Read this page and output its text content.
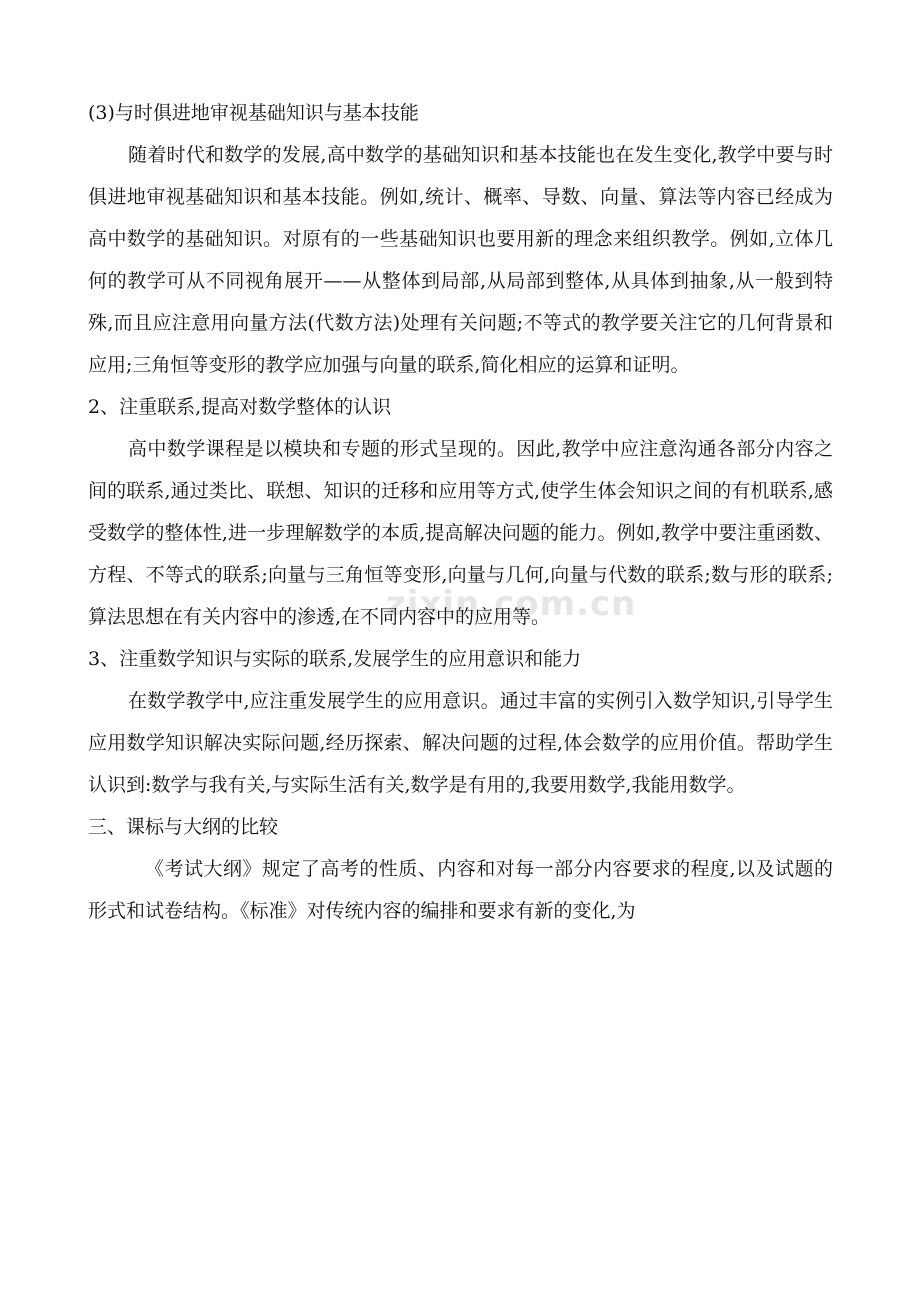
zixin.com.cn

(3)与时俱进地审视基础知识与基本技能

随着时代和数学的发展,高中数学的基础知识和基本技能也在发生变化,教学中要与时俱进地审视基础知识和基本技能。例如,统计、概率、导数、向量、算法等内容已经成为高中数学的基础知识。对原有的一些基础知识也要用新的理念来组织教学。例如,立体几何的教学可从不同视角展开——从整体到局部,从局部到整体,从具体到抽象,从一般到特殊,而且应注意用向量方法(代数方法)处理有关问题;不等式的教学要关注它的几何背景和应用;三角恒等变形的教学应加强与向量的联系,简化相应的运算和证明。

2、注重联系,提高对数学整体的认识

高中数学课程是以模块和专题的形式呈现的。因此,教学中应注意沟通各部分内容之间的联系,通过类比、联想、知识的迁移和应用等方式,使学生体会知识之间的有机联系,感受数学的整体性,进一步理解数学的本质,提高解决问题的能力。例如,教学中要注重函数、方程、不等式的联系;向量与三角恒等变形,向量与几何,向量与代数的联系;数与形的联系;算法思想在有关内容中的渗透,在不同内容中的应用等。

3、注重数学知识与实际的联系,发展学生的应用意识和能力

在数学教学中,应注重发展学生的应用意识。通过丰富的实例引入数学知识,引导学生应用数学知识解决实际问题,经历探索、解决问题的过程,体会数学的应用价值。帮助学生认识到:数学与我有关,与实际生活有关,数学是有用的,我要用数学,我能用数学。

三、课标与大纲的比较

《考试大纲》规定了高考的性质、内容和对每一部分内容要求的程度,以及试题的形式和试卷结构。《标准》对传统内容的编排和要求有新的变化,为
